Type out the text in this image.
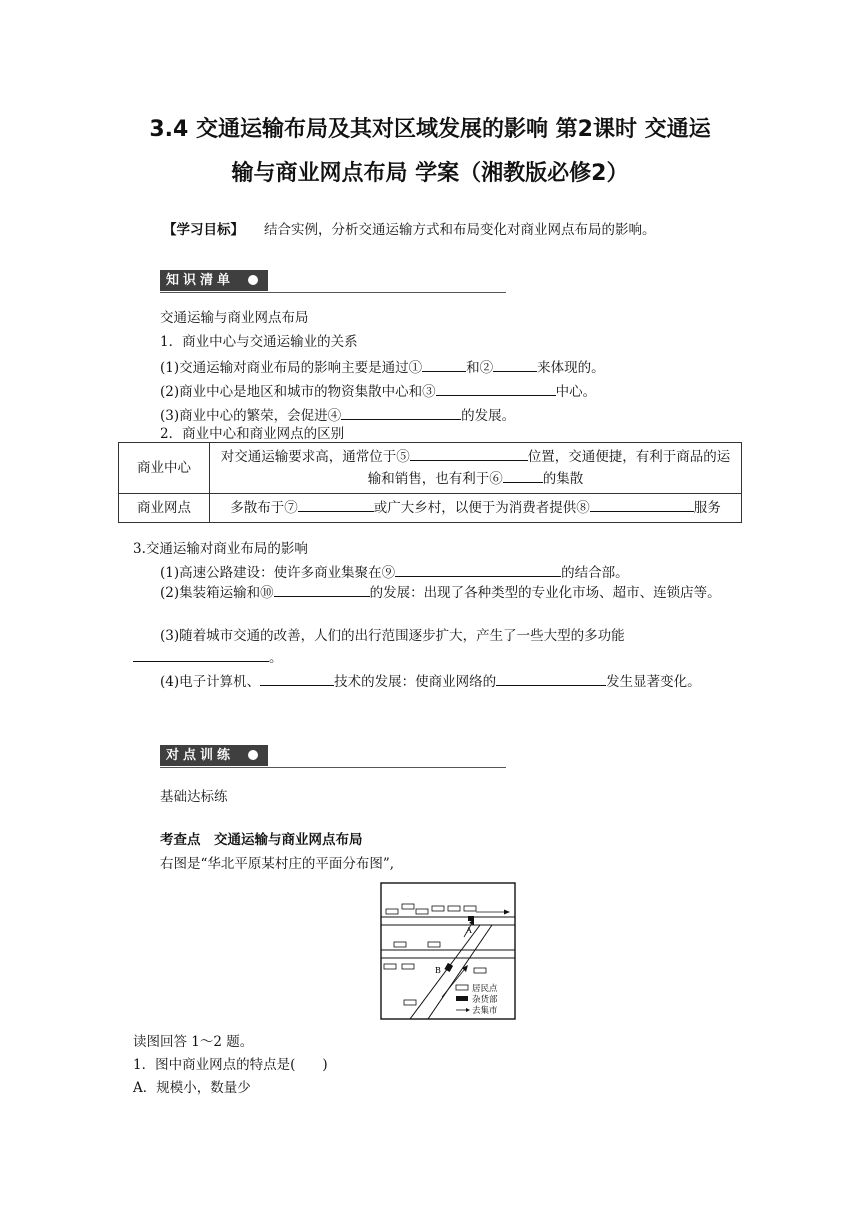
3.4 交通运输布局及其对区域发展的影响 第2课时 交通运
输与商业网点布局 学案（湘教版必修2）
【学习目标】 结合实例，分析交通运输方式和布局变化对商业网点布局的影响。
知识清单
交通运输与商业网点布局
1．商业中心与交通运输业的关系
(1)交通运输对商业布局的影响主要是通过①	和②	来体现的。
(2)商业中心是地区和城市的物资集散中心和③	中心。
(3)商业中心的繁荣，会促进④	的发展。
2．商业中心和商业网点的区别
商业中心	对交通运输要求高，通常位于⑤ 位置，交通便捷，有利于商品的运输和销售，也有利于⑥ 的集散
商业网点	多散布于⑦ 或广大乡村，以便于为消费者提供⑧ 服务
3.交通运输对商业布局的影响
(1)高速公路建设：使许多商业集聚在⑨	的结合部。
(2)集装箱运输和⑩	的发展：出现了各种类型的专业化市场、超市、连锁店等。
(3)随着城市交通的改善，人们的出行范围逐步扩大，产生了一些大型的多功能。
(4)电子计算机、	技术的发展：使商业网络的	发生显著变化。
对点训练
基础达标练
考查点　 交通运输与商业网点布局
右图是“华北平原某村庄的平面分布图”,
A
B
居民点
杂货部
去集市
读图回答 1～2 题。
1．图中商业网点的特点是(　　)
A．规模小，数量少
